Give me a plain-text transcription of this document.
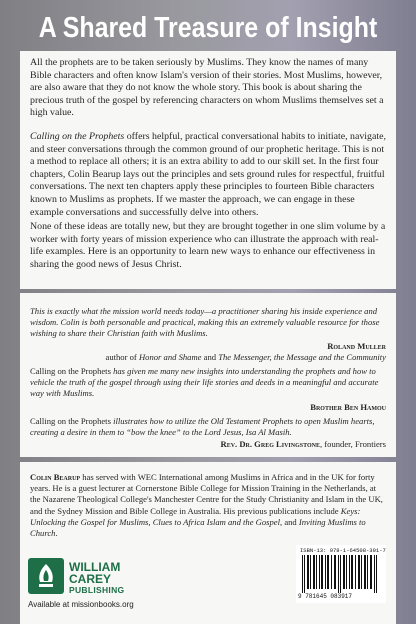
A Shared Treasure of Insight
All the prophets are to be taken seriously by Muslims. They know the names of many Bible characters and often know Islam's version of their stories. Most Muslims, however, are also aware that they do not know the whole story. This book is about sharing the precious truth of the gospel by referencing characters on whom Muslims themselves set a high value.
Calling on the Prophets offers helpful, practical conversational habits to initiate, navigate, and steer conversations through the common ground of our prophetic heritage. This is not a method to replace all others; it is an extra ability to add to our skill set. In the first four chapters, Colin Bearup lays out the principles and sets ground rules for respectful, fruitful conversations. The next ten chapters apply these principles to fourteen Bible characters known to Muslims as prophets. If we master the approach, we can engage in these example conversations and successfully delve into others.
None of these ideas are totally new, but they are brought together in one slim volume by a worker with forty years of mission experience who can illustrate the approach with real-life examples. Here is an opportunity to learn new ways to enhance our effectiveness in sharing the good news of Jesus Christ.
This is exactly what the mission world needs today—a practitioner sharing his inside experience and wisdom. Colin is both personable and practical, making this an extremely valuable resource for those wishing to share their Christian faith with Muslims.
Roland Muller
author of Honor and Shame and The Messenger, the Message and the Community
Calling on the Prophets has given me many new insights into understanding the prophets and how to vehicle the truth of the gospel through using their life stories and deeds in a meaningful and accurate way with Muslims.
Brother Ben Hamou
Calling on the Prophets illustrates how to utilize the Old Testament Prophets to open Muslim hearts, creating a desire in them to “bow the knee” to the Lord Jesus, Isa Al Masih.
Rev. Dr. Greg Livingstone, founder, Frontiers
Colin Bearup has served with WEC International among Muslims in Africa and in the UK for forty years. He is a guest lecturer at Cornerstone Bible College for Mission Training in the Netherlands, at the Nazarene Theological College's Manchester Centre for the Study Christianity and Islam in the UK, and the Sydney Mission and Bible College in Australia. His previous publications include Keys: Unlocking the Gospel for Muslims, Clues to Africa Islam and the Gospel, and Inviting Muslims to Church.
WILLIAM
CAREY
PUBLISHING
Available at missionbooks.org
ISBN-13: 978-1-64508-391-7
9 781645 083917
